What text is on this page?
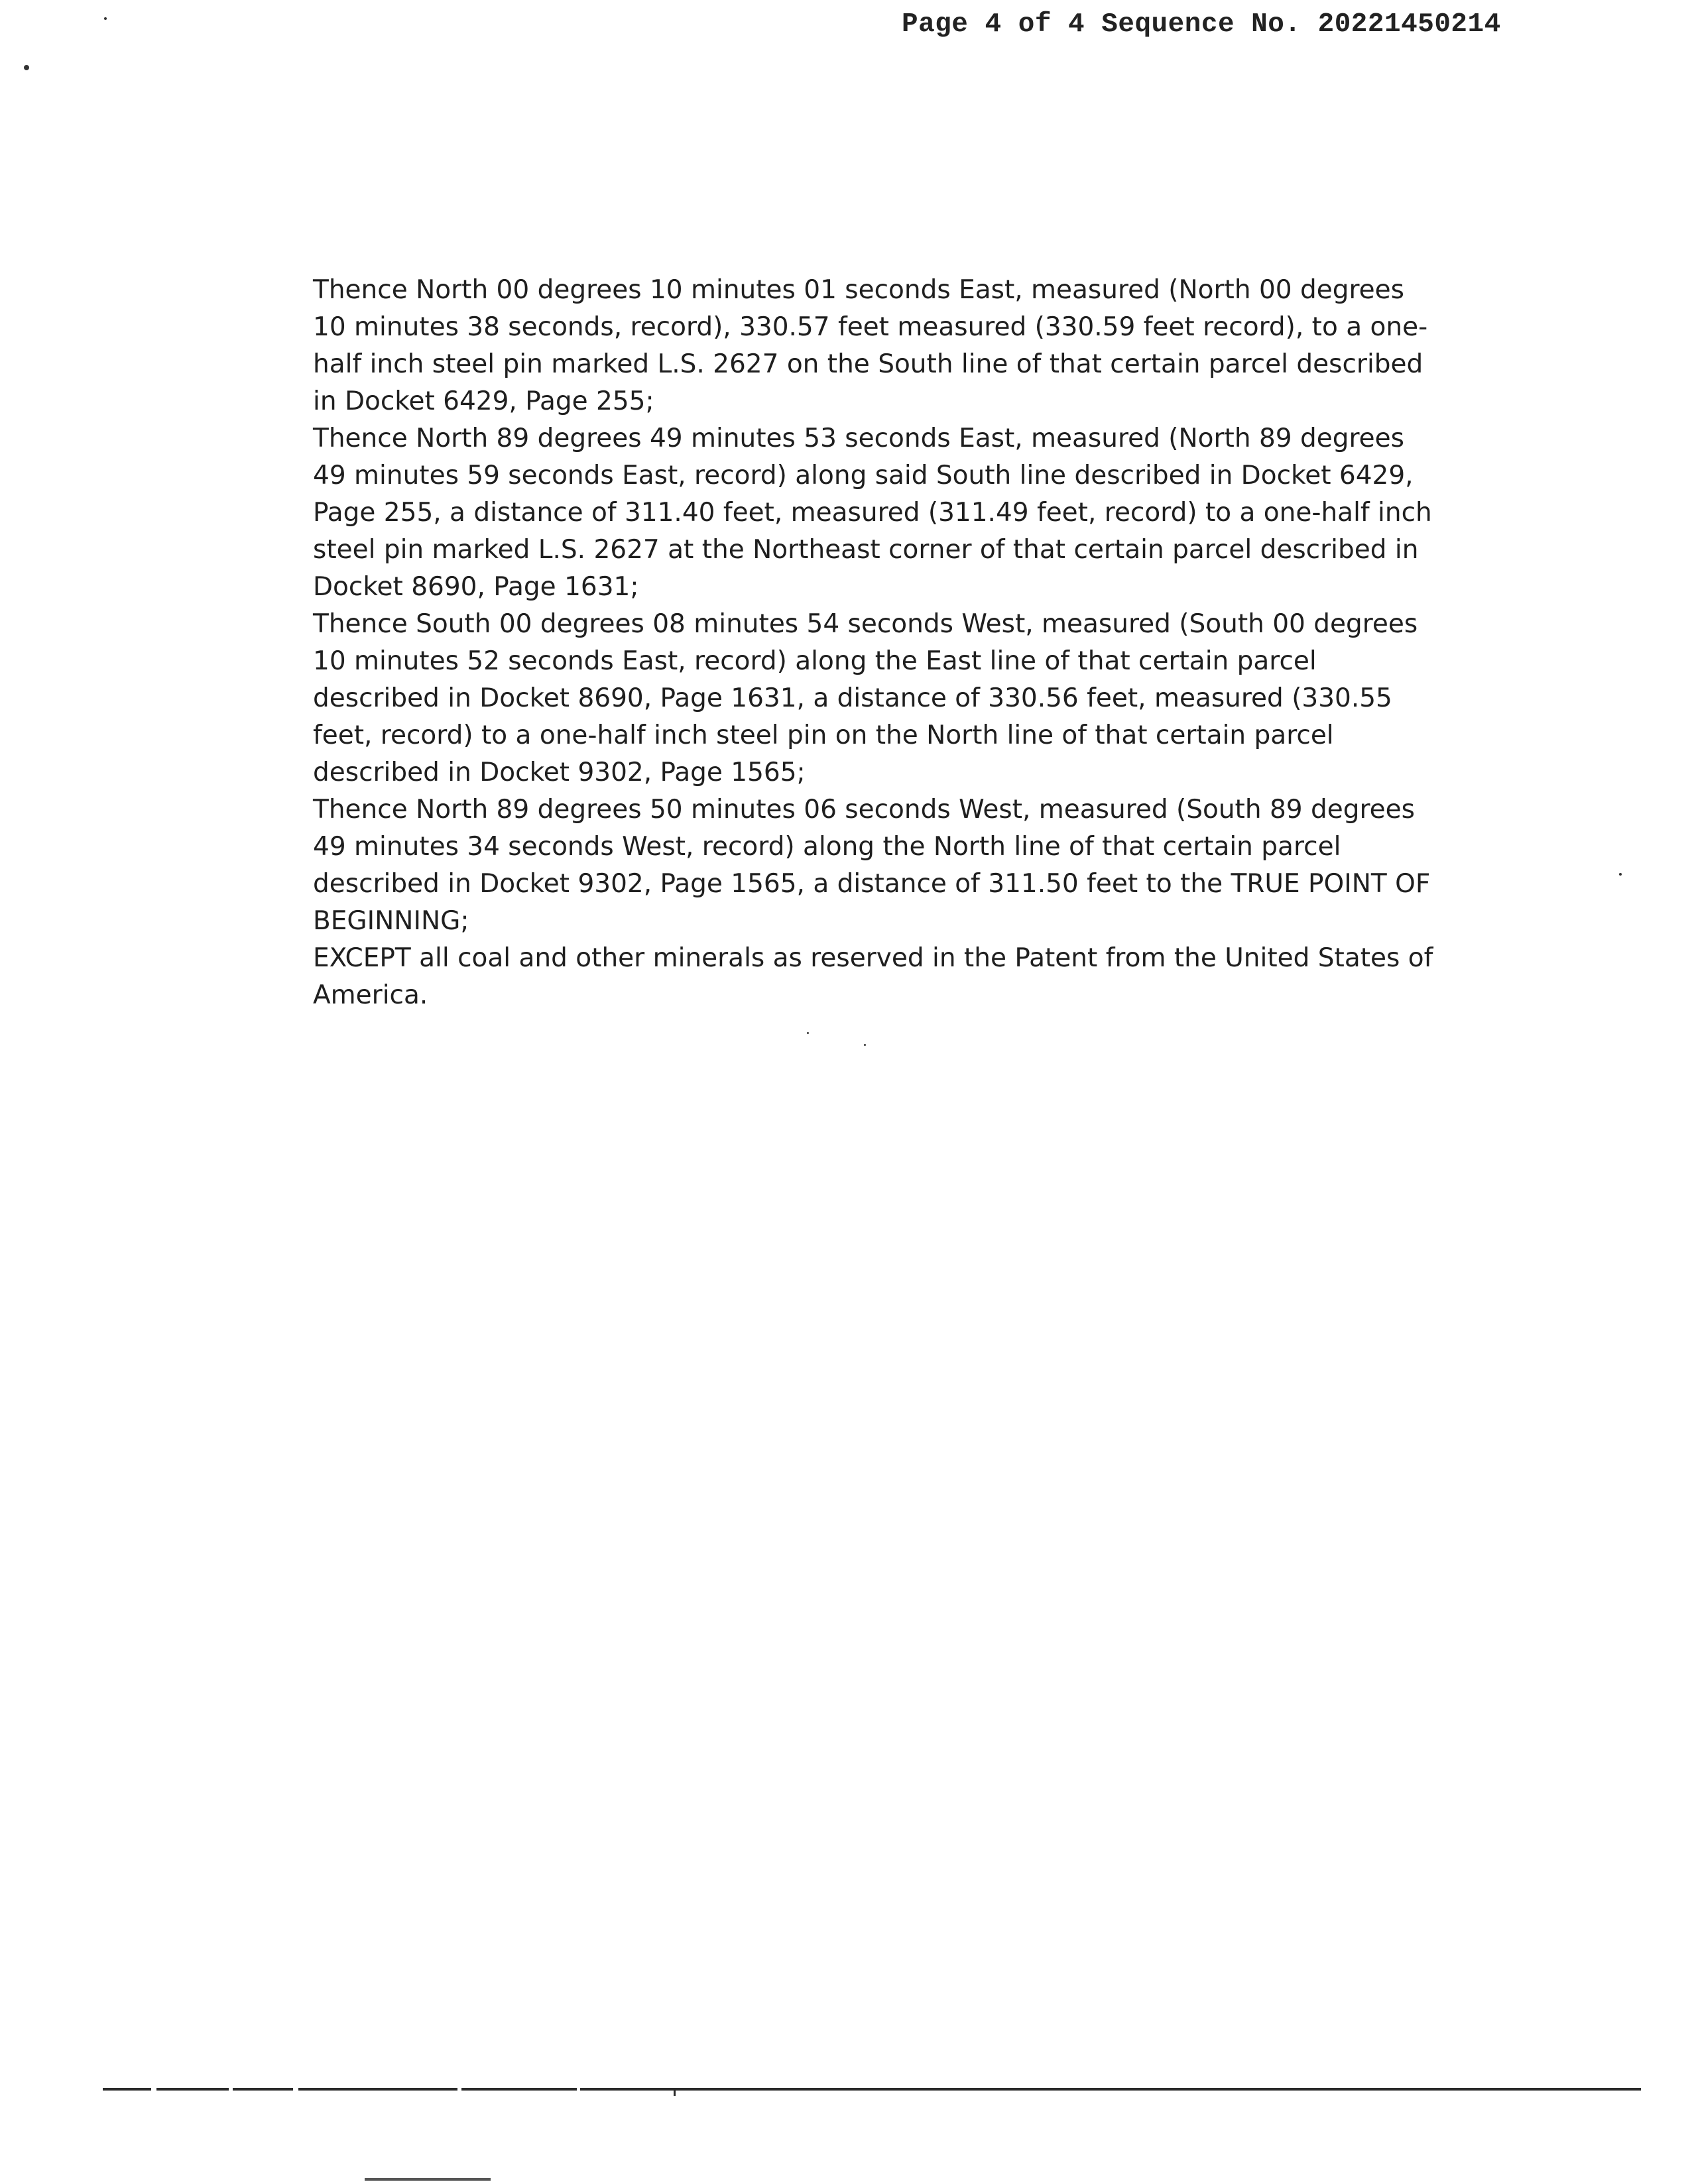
Page 4 of 4 Sequence No. 20221450214

Thence North 00 degrees 10 minutes 01 seconds East, measured (North 00 degrees 10 minutes 38 seconds, record), 330.57 feet measured (330.59 feet record), to a one-half inch steel pin marked L.S. 2627 on the South line of that certain parcel described in Docket 6429, Page 255;

Thence North 89 degrees 49 minutes 53 seconds East, measured (North 89 degrees 49 minutes 59 seconds East, record) along said South line described in Docket 6429, Page 255, a distance of 311.40 feet, measured (311.49 feet, record) to a one-half inch steel pin marked L.S. 2627 at the Northeast corner of that certain parcel described in Docket 8690, Page 1631;

Thence South 00 degrees 08 minutes 54 seconds West, measured (South 00 degrees 10 minutes 52 seconds East, record) along the East line of that certain parcel described in Docket 8690, Page 1631, a distance of 330.56 feet, measured (330.55 feet, record) to a one-half inch steel pin on the North line of that certain parcel described in Docket 9302, Page 1565;

Thence North 89 degrees 50 minutes 06 seconds West, measured (South 89 degrees 49 minutes 34 seconds West, record) along the North line of that certain parcel described in Docket 9302, Page 1565, a distance of 311.50 feet to the TRUE POINT OF BEGINNING;

EXCEPT all coal and other minerals as reserved in the Patent from the United States of America.
